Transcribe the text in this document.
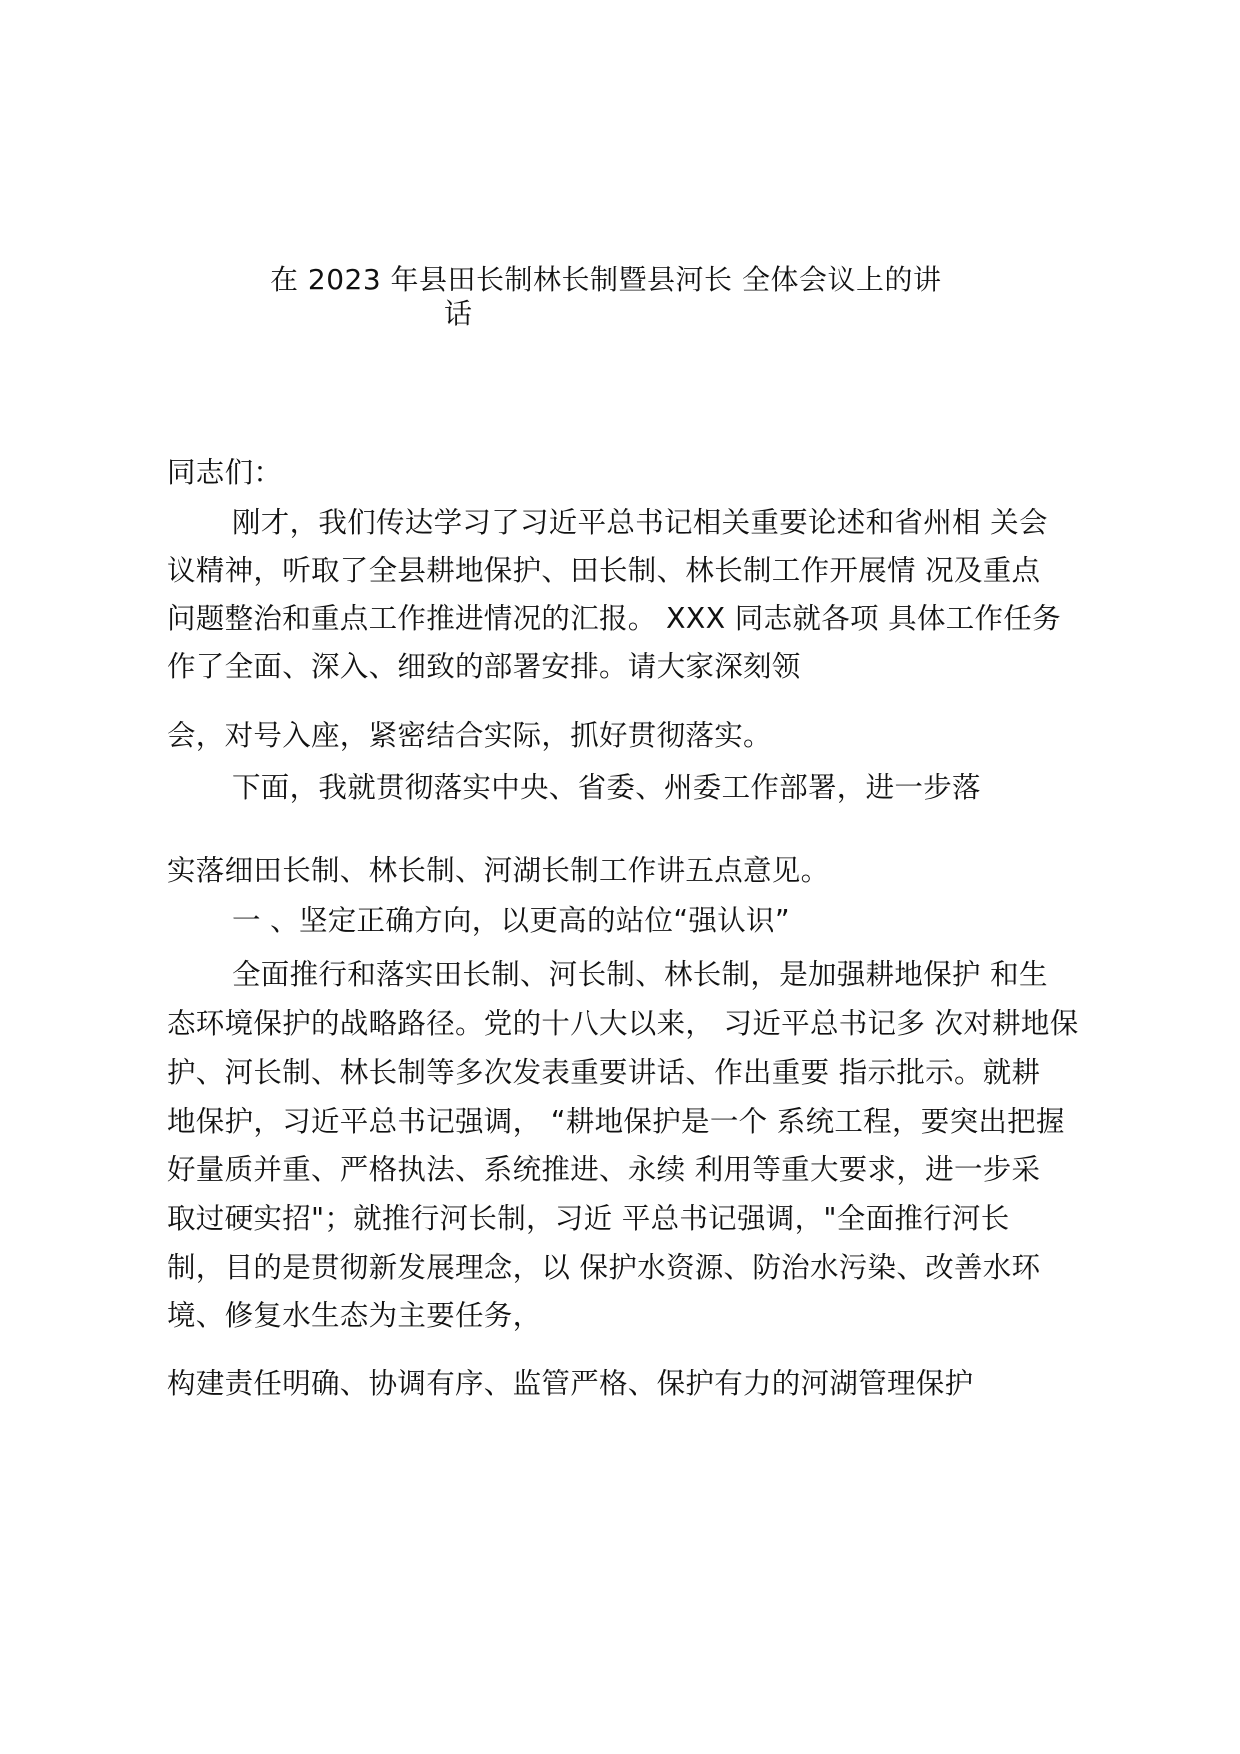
在 2023 年县田长制林长制暨县河长 全体会议上的讲
话
同志们：
刚才，我们传达学习了习近平总书记相关重要论述和省州相 关会
议精神，听取了全县耕地保护、田长制、林长制工作开展情 况及重点
问题整治和重点工作推进情况的汇报。 XXX 同志就各项 具体工作任务
作了全面、深入、细致的部署安排。请大家深刻领
会，对号入座，紧密结合实际，抓好贯彻落实。
下面，我就贯彻落实中央、省委、州委工作部署，进一步落
实落细田长制、林长制、河湖长制工作讲五点意见。
一 、坚定正确方向，以更高的站位“强认识”
全面推行和落实田长制、河长制、林长制，是加强耕地保护 和生
态环境保护的战略路径。党的十八大以来， 习近平总书记多 次对耕地保
护、河长制、林长制等多次发表重要讲话、作出重要 指示批示。就耕
地保护，习近平总书记强调， “耕地保护是一个 系统工程，要突出把握
好量质并重、严格执法、系统推进、永续 利用等重大要求，进一步采
取过硬实招"；就推行河长制，习近 平总书记强调，"全面推行河长
制，目的是贯彻新发展理念，以 保护水资源、防治水污染、改善水环
境、修复水生态为主要任务，
构建责任明确、协调有序、监管严格、保护有力的河湖管理保护
